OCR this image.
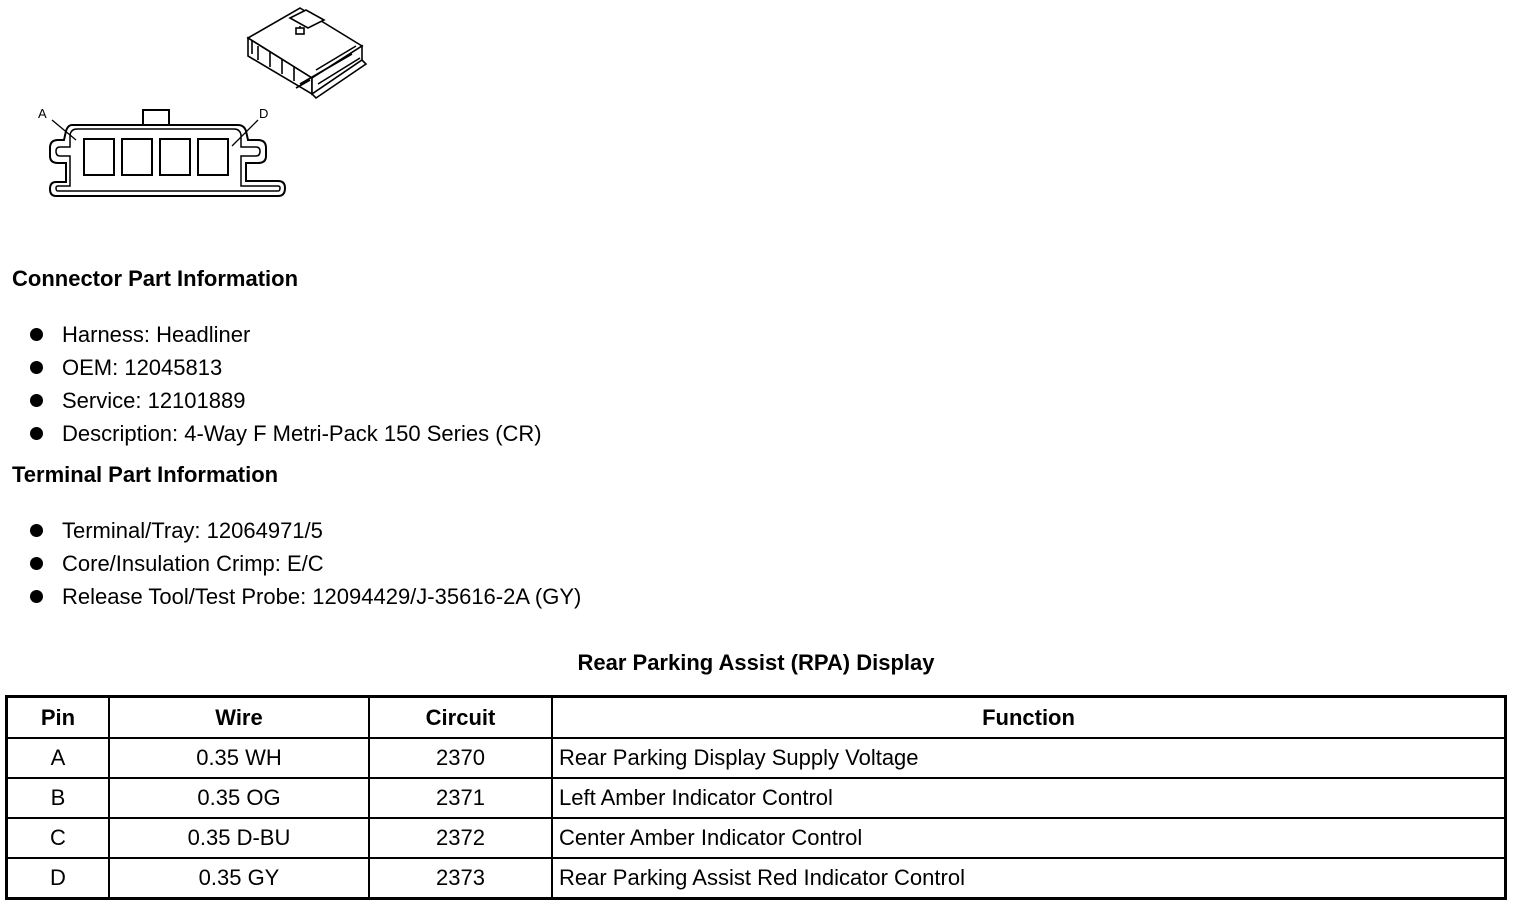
A	D
Connector Part Information
Harness: Headliner
OEM: 12045813
Service: 12101889
Description: 4-Way F Metri-Pack 150 Series (CR)
Terminal Part Information
Terminal/Tray: 12064971/5
Core/Insulation Crimp: E/C
Release Tool/Test Probe: 12094429/J-35616-2A (GY)
Rear Parking Assist (RPA) Display
Pin	Wire	Circuit	Function
A	0.35 WH	2370	Rear Parking Display Supply Voltage
B	0.35 OG	2371	Left Amber Indicator Control
C	0.35 D-BU	2372	Center Amber Indicator Control
D	0.35 GY	2373	Rear Parking Assist Red Indicator Control
